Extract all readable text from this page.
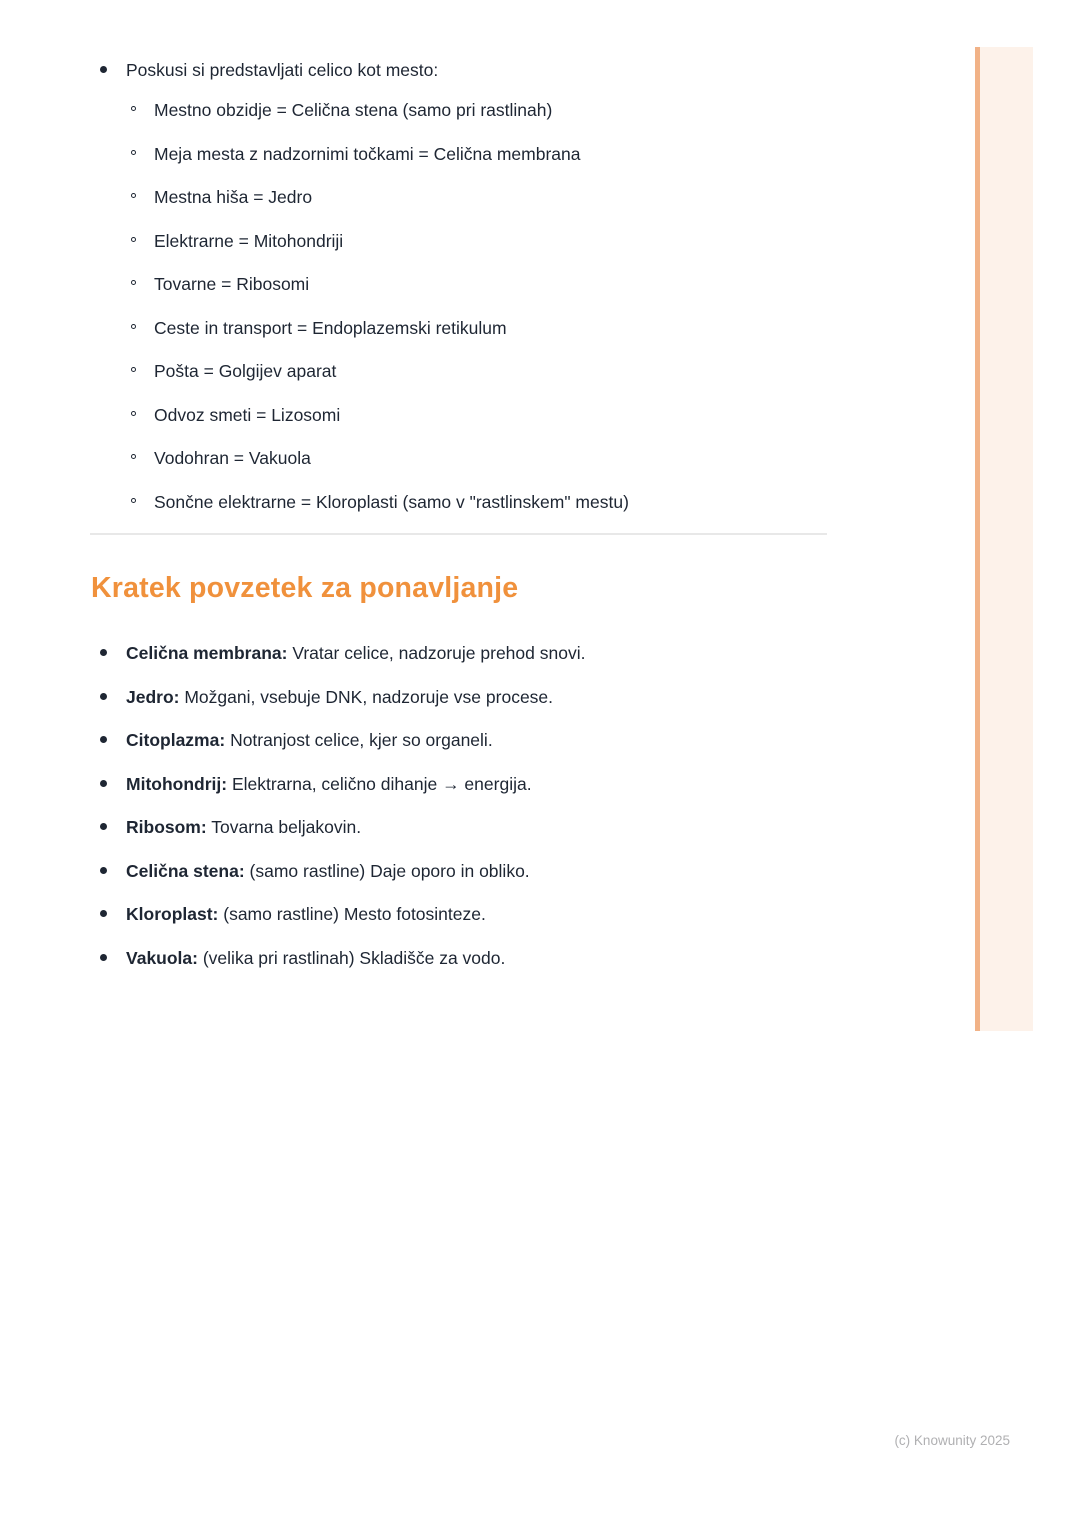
Poskusi si predstavljati celico kot mesto:
Mestno obzidje = Celična stena (samo pri rastlinah)
Meja mesta z nadzornimi točkami = Celična membrana
Mestna hiša = Jedro
Elektrarne = Mitohondriji
Tovarne = Ribosomi
Ceste in transport = Endoplazemski retikulum
Pošta = Golgijev aparat
Odvoz smeti = Lizosomi
Vodohran = Vakuola
Sončne elektrarne = Kloroplasti (samo v "rastlinskem" mestu)
Kratek povzetek za ponavljanje
Celična membrana: Vratar celice, nadzoruje prehod snovi.
Jedro: Možgani, vsebuje DNK, nadzoruje vse procese.
Citoplazma: Notranjost celice, kjer so organeli.
Mitohondrij: Elektrarna, celično dihanje → energija.
Ribosom: Tovarna beljakovin.
Celična stena: (samo rastline) Daje oporo in obliko.
Kloroplast: (samo rastline) Mesto fotosinteze.
Vakuola: (velika pri rastlinah) Skladišče za vodo.
(c) Knowunity 2025
